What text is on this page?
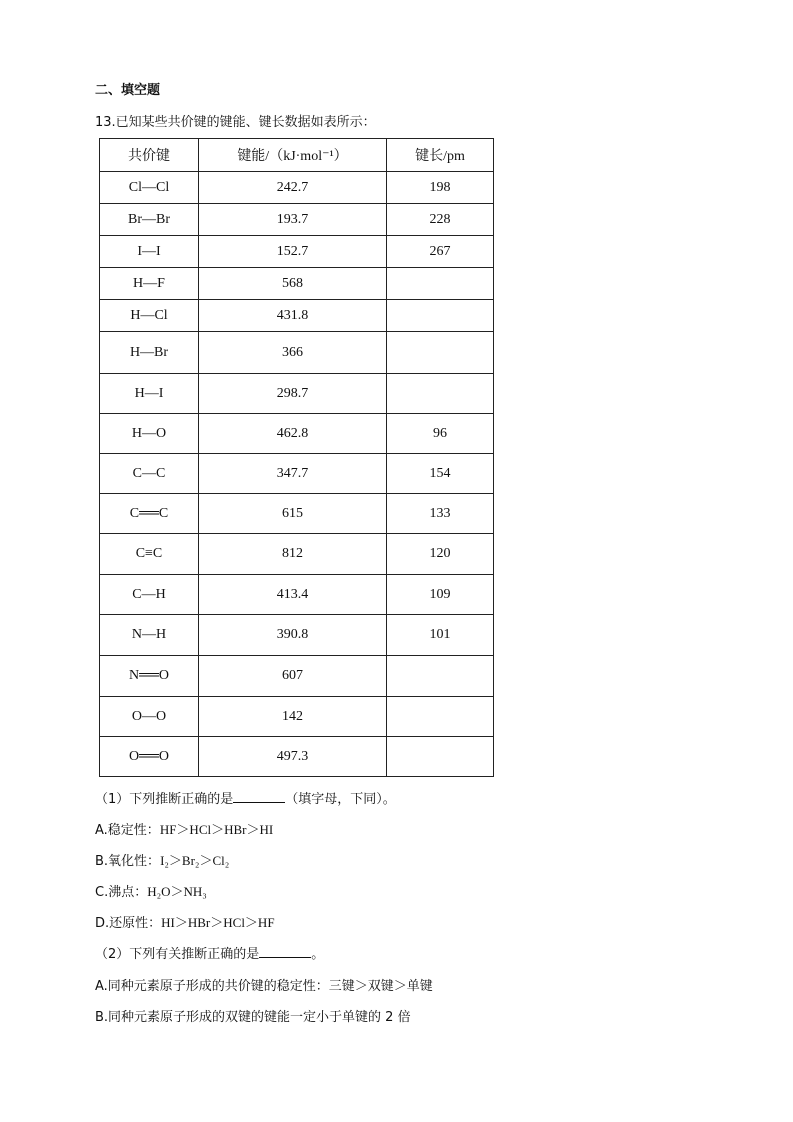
二、填空题
13.已知某些共价键的键能、键长数据如表所示：
共价键	键能/（kJ·mol⁻¹）	键长/pm
Cl—Cl	242.7	198
Br—Br	193.7	228
I—I	152.7	267
H—F	568	
H—Cl	431.8	
H—Br	366	
H—I	298.7	
H—O	462.8	96
C—C	347.7	154
C══C	615	133
C≡C	812	120
C—H	413.4	109
N—H	390.8	101
N══O	607	
O—O	142	
O══O	497.3	
（1）下列推断正确的是	（填字母，下同）。
A.稳定性：HF＞HCl＞HBr＞HI
B.氧化性：I₂＞Br₂＞Cl₂
C.沸点：H₂O＞NH₃
D.还原性：HI＞HBr＞HCl＞HF
（2）下列有关推断正确的是	。
A.同种元素原子形成的共价键的稳定性：三键＞双键＞单键
B.同种元素原子形成的双键的键能一定小于单键的 2 倍
